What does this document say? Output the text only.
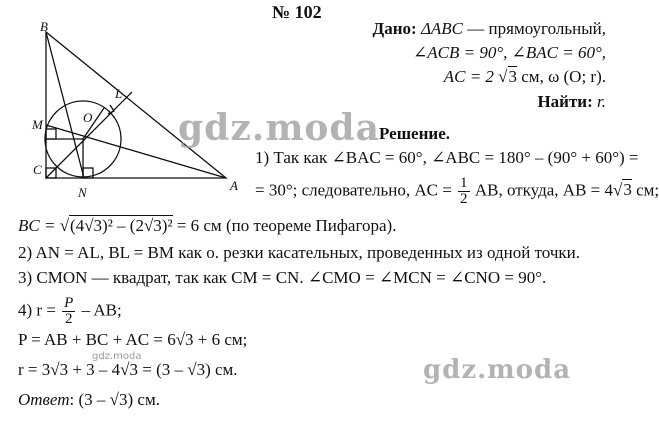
B
L
M	O
C
N	A
№ 102
Дано: ΔABC — прямоугольный,
∠ACB = 90°, ∠BAC = 60°,
AC = 2 √3 см, ω (O; r).
Найти: r.
gdz.moda Решение.
1) Так как ∠BAC = 60°, ∠ABC = 180° – (90° + 60°) =
= 30°; следовательно, AC = $\frac{1}{2}$ AB, откуда, AB = 4√3 см;
BC = √(4√3)² – (2√3)² = 6 см (по теореме Пифагора).
2) AN = AL, BL = BM как о. резки касательных, проведенных из одной точки.
3) CMON — квадрат, так как CM = CN. ∠CMO = ∠MCN = ∠CNO = 90°.
4) $r = \frac{P}{2}$ – AB;
P = AB + BC + AC = 6√3 + 6 см;
gdz.moda
r = 3√3 + 3 – 4√3 = (3 – √3) см.	gdz.moda
Ответ: (3 – √3) см.
